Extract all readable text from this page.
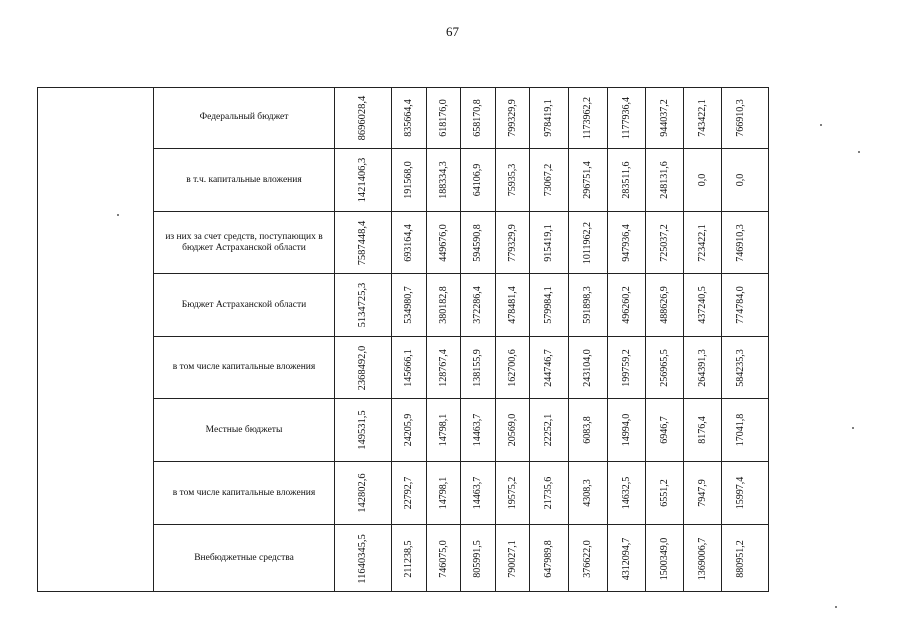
67
Федеральный бюджет	8696028,4	835664,4 618176,0 658170,8 799329,9	978419,1	1173962,2	1177936,4	944037,2	743422,1	766910,3
в т.ч. капитальные вложения	1421406,3	191568,0 188334,3 64106,9 75935,3	73067,2	296751,4	283511,6	248131,6	0,0	0,0
из них за счет средств, поступающих в бюджет Астраханской области	7587448,4	693164,4 449676,0 594590,8 779329,9	915419,1	1011962,2	947936,4	725037,2	723422,1	746910,3
Бюджет Астраханской области	5134725,3	534980,7 380182,8 372286,4 478481,4	579984,1	591898,3	496260,2	488626,9	437240,5	774784,0
в том числе капитальные вложения	2368492,0	145666,1 128767,4 138155,9 162700,6	244746,7	243104,0	199759,2	256965,5	264391,3	584235,3
Местные бюджеты	149531,5	24205,9 14798,1 14463,7 20569,0	22252,1	6083,8	14994,0	6946,7	8176,4	17041,8
в том числе капитальные вложения	142802,6	22792,7 14798,1 14463,7 19575,2	21735,6	4308,3	14632,5	6551,2	7947,9	15997,4
Внебюджетные средства	11640345,5	211238,5 746075,0 805991,5 790027,1	647989,8	376622,0	4312094,7	1500349,0	1369006,7	880951,2
